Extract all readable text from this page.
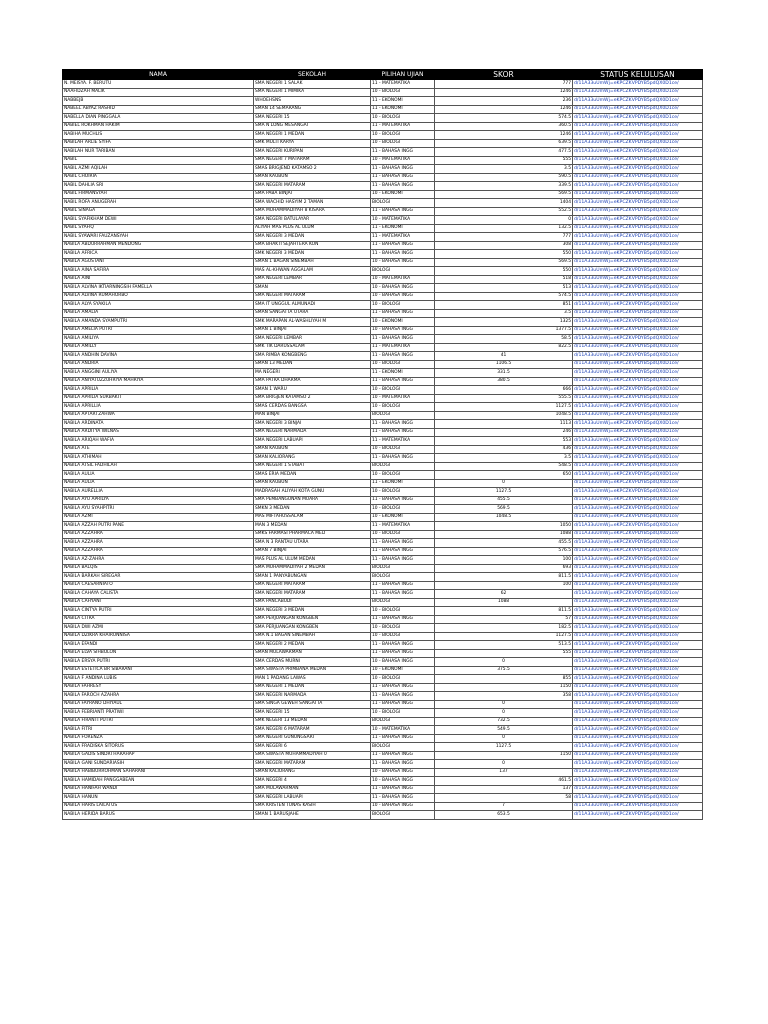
NAMA	SEKOLAH	PILIHAN UJIAN	SKOR	STATUS KELULUSAN
N. MEISYA. F. BERUTU	SMA NEGERI 1 SALAK	11 - MATEMATIKA	777	d/11A33uUmWj=eKPCZKVPDYB5pdQX0D1ce/
NAAFIDZAH MALIK	SMA NEGERI 1 MIMIKA	10 - BIOLOGI	1246	d/11A33uUmWj=eKPCZKVPDYB5pdQX0D1ce/
NABBEJB	WHOEHSNS	11 - EKONOMI	236	d/11A33uUmWj=eKPCZKVPDYB5pdQX0D1ce/
NABEEL ABYAZ RASHID	SMAN 14 SEMARANG	11 - EKONOMI	1246	d/11A33uUmWj=eKPCZKVPDYB5pdQX0D1ce/
NABELLA DIAN PINGGALA	SMA NEGERI 15	10 - BIOLOGI	574.5	d/11A33uUmWj=eKPCZKVPDYB5pdQX0D1ce/
NABIEL ROKHMAN HAKIM	SMA N LONG MESANGAT	11 - MATEMATIKA	360.5	d/11A33uUmWj=eKPCZKVPDYB5pdQX0D1ce/
NABIHA MUCHLIS	SMA NEGERI 1 MEDAN	10 - BIOLOGI	1246	d/11A33uUmWj=eKPCZKVPDYB5pdQX0D1ce/
NABILAH ARLIE SYIFA	SMK MULTI KARYA	10 - BIOLOGI	639.5	d/11A33uUmWj=eKPCZKVPDYB5pdQX0D1ce/
NABILAH NUR TARIBAN	SMA NEGERI KURIPAN	11 - BAHASA INGG	477.5	d/11A33uUmWj=eKPCZKVPDYB5pdQX0D1ce/
NABIL	SMA NEGERI 7 MATARAM	10 - MATEMATIKA	555	d/11A33uUmWj=eKPCZKVPDYB5pdQX0D1ce/
NABIL AZMI AQILAH	SMAS BRIGJEND KATAMSO 2	11 - BAHASA INGG	3.5	d/11A33uUmWj=eKPCZKVPDYB5pdQX0D1ce/
NABIL CHOIRIA	SMAN KAUBUN	11 - BAHASA INGG	590.5	d/11A33uUmWj=eKPCZKVPDYB5pdQX0D1ce/
NABIL DAHLIA SRI	SMA NEGERI MATARAM	11 - BAHASA INGG	339.5	d/11A33uUmWj=eKPCZKVPDYB5pdQX0D1ce/
NABIL FIRMANSYAH	SMA PABA BINJAI	10 - EKONOMI	569.5	d/11A33uUmWj=eKPCZKVPDYB5pdQX0D1ce/
NABIL ROFA ANUGERAH	SMA WACHID HASYIM 2 TAMAN	BIOLOGI	1404	d/11A33uUmWj=eKPCZKVPDYB5pdQX0D1ce/
NABIL SINAGA	SMA MUHAMMADIYAH 8 KISARA	11 - BAHASA INGG	552.5	d/11A33uUmWj=eKPCZKVPDYB5pdQX0D1ce/
NABIL SYAFIKHAM DEWI	SMA NEGERI BATULAYAR	10 - MATEMATIKA	0	d/11A33uUmWj=eKPCZKVPDYB5pdQX0D1ce/
NABIL SYAFIQ	ALIYAH MAS PLUS AL ULUM	11 - EKONOMI	132.5	d/11A33uUmWj=eKPCZKVPDYB5pdQX0D1ce/
NABIL SYAWARI FAUZANSYAH	SMA NEGERI 3 MEDAN	11 - MATEMATIKA	777	d/11A33uUmWj=eKPCZKVPDYB5pdQX0D1ce/
NABILA ABDURRAHMAN MENDONG	SMA BHAKTI SEJAHTERA KON	11 - BAHASA INGG	308	d/11A33uUmWj=eKPCZKVPDYB5pdQX0D1ce/
NABILA AFRICA	SMK NEGERI 3 MEDAN	11 - BAHASA INGG	550	d/11A33uUmWj=eKPCZKVPDYB5pdQX0D1ce/
NABILA AGUSTANI	SMAN 1 BAGAN SINEMBAH	10 - BAHASA INGG	569.5	d/11A33uUmWj=eKPCZKVPDYB5pdQX0D1ce/
NABILA AINA SAFIRA	MAS AL-KHWAN AGGALAM	BIOLOGI	550	d/11A33uUmWj=eKPCZKVPDYB5pdQX0D1ce/
NABILA AINI	SMA NEGERI LEMBAR	10 - MATEMATIKA	518	d/11A33uUmWj=eKPCZKVPDYB5pdQX0D1ce/
NABILA ALVINA IKTIARNINGSIH FAMELLA	SMAN	10 - BAHASA INGG	513	d/11A33uUmWj=eKPCZKVPDYB5pdQX0D1ce/
NABILA ALVINA RUMAHORBO	SMA NEGERI MATARAM	10 - BAHASA INGG	574.5	d/11A33uUmWj=eKPCZKVPDYB5pdQX0D1ce/
NABILA ALYA SYAKILA	SMA IT UNGGUL ALMUNADI	10 - BIOLOGI	851	d/11A33uUmWj=eKPCZKVPDYB5pdQX0D1ce/
NABILA AMALIA	SMAN SANGATTA UTARA	11 - BAHASA INGG	3.5	d/11A33uUmWj=eKPCZKVPDYB5pdQX0D1ce/
NABILA AMANDA SYAMPUTRI	SMK MARAPAN AL-WASHLIYAH M	10 - EKONOMI	1325	d/11A33uUmWj=eKPCZKVPDYB5pdQX0D1ce/
NABILA AMELIA PUTRI	SMAN 1 BINJAI	10 - BAHASA INGG	1377.5	d/11A33uUmWj=eKPCZKVPDYB5pdQX0D1ce/
NABILA AMILIYA	SMA NEGERI LEMBAR	11 - BAHASA INGG	58.5	d/11A33uUmWj=eKPCZKVPDYB5pdQX0D1ce/
NABILA AMILLY	SMK TIK DARUSSALAM	11 - MATEMATIKA	822.5	d/11A33uUmWj=eKPCZKVPDYB5pdQX0D1ce/
NABILA ANDHIN DAVINA	SMA RIMBA KONGBENG	11 - BAHASA INGG	41	d/11A33uUmWj=eKPCZKVPDYB5pdQX0D1ce/
NABILA ANDRIA	SMAN 13 MEDAN	10 - BIOLOGI	1106.5	d/11A33uUmWj=eKPCZKVPDYB5pdQX0D1ce/
NABILA ANGGINI AULIYA	MA NEGERI	11 - EKONOMI	331.5	d/11A33uUmWj=eKPCZKVPDYB5pdQX0D1ce/
NABILA ANIYATUZZUHRIYA MAHRIYA	SMA PATRA DHARMA	11 - BAHASA INGG	380.5	d/11A33uUmWj=eKPCZKVPDYB5pdQX0D1ce/
NABILA APRILIA	SMAN 1 WARU	10 - BIOLOGI	666	d/11A33uUmWj=eKPCZKVPDYB5pdQX0D1ce/
NABILA APRILIA SURBAKTI	SMA BRIGJEN KATAMSO 2	10 - MATEMATIKA	555.5	d/11A33uUmWj=eKPCZKVPDYB5pdQX0D1ce/
NABILA APRILLIA	SMAS CERDAS BANGSA	10 - BIOLOGI	1127.5	d/11A33uUmWj=eKPCZKVPDYB5pdQX0D1ce/
NABILA APTARI ZAHWA	MAN BINJAI	BIOLOGI	1048.5	d/11A33uUmWj=eKPCZKVPDYB5pdQX0D1ce/
NABILA ARDINATA	SMA NEGERI 3 BINJAI	11 - BAHASA INGG	1113	d/11A33uUmWj=eKPCZKVPDYB5pdQX0D1ce/
NABILA ARDITYA WILNAS	SMA NEGERI NARMADA	11 - BAHASA INGG	246	d/11A33uUmWj=eKPCZKVPDYB5pdQX0D1ce/
NABILA ARIQAH WAFIA	SMA NEGERI LABUAPI	11 - MATEMATIKA	553	d/11A33uUmWj=eKPCZKVPDYB5pdQX0D1ce/
NABILA ATE	SMAN KAUBUN	10 - BIOLOGI	436	d/11A33uUmWj=eKPCZKVPDYB5pdQX0D1ce/
NABILA ATHIMAH	SMAN KALIORANG	11 - BAHASA INGG	3.5	d/11A33uUmWj=eKPCZKVPDYB5pdQX0D1ce/
NABILA ATSIL FADHILAH	SMA NEGERI 1 STABAT	BIOLOGI	548.5	d/11A33uUmWj=eKPCZKVPDYB5pdQX0D1ce/
NABILA AULIA	SMAS ERIA MEDAN	10 - BIOLOGI	650	d/11A33uUmWj=eKPCZKVPDYB5pdQX0D1ce/
NABILA AULIA	SMAN KAUBUN	11 - EKONOMI	0	d/11A33uUmWj=eKPCZKVPDYB5pdQX0D1ce/
NABILA AURELLIA	MADRASAH ALIYAH KOTA GUNU	10 - BIOLOGI	1127.5	d/11A33uUmWj=eKPCZKVPDYB5pdQX0D1ce/
NABILA AYU APRILYA	SMA PEMBANGUNAN MUARA	11 - BAHASA INGG	455.5	d/11A33uUmWj=eKPCZKVPDYB5pdQX0D1ce/
NABILA AYU SYAHPITRI	SMKN 3 MEDAN	10 - BIOLOGI	569.5	d/11A33uUmWj=eKPCZKVPDYB5pdQX0D1ce/
NABILA AZMI	MAS MIFTAHUSSALAM	10 - EKONOMI	1048.5	d/11A33uUmWj=eKPCZKVPDYB5pdQX0D1ce/
NABILA AZZAH PUTRI PANE	MAN 3 MEDAN	11 - MATEMATIKA	1050	d/11A33uUmWj=eKPCZKVPDYB5pdQX0D1ce/
NABILA AZZAHRA	SMKS FARMASI PHARMACA MED	10 - BIOLOGI	1088	d/11A33uUmWj=eKPCZKVPDYB5pdQX0D1ce/
NABILA AZZAHRA	SMA N 3 RANTAU UTARA	11 - BAHASA INGG	455.5	d/11A33uUmWj=eKPCZKVPDYB5pdQX0D1ce/
NABILA AZZAHRA	SMAN 7 BINJAI	11 - BAHASA INGG	576.5	d/11A33uUmWj=eKPCZKVPDYB5pdQX0D1ce/
NABILA AZ-ZAHRA	MAS PLUS AL ULUM MEDAN	11 - BAHASA INGG	100	d/11A33uUmWj=eKPCZKVPDYB5pdQX0D1ce/
NABILA BALQIS	SMA MUHAMMADIYAH 2 MEDAN	BIOLOGI	693	d/11A33uUmWj=eKPCZKVPDYB5pdQX0D1ce/
NABILA BARKAH SIREGAR	SMAN 1 PANYABUNGAN	BIOLOGI	811.5	d/11A33uUmWj=eKPCZKVPDYB5pdQX0D1ce/
NABILA CAESARNIATO	SMA NEGERI MATARAM	11 - BAHASA INGG	100	d/11A33uUmWj=eKPCZKVPDYB5pdQX0D1ce/
NABILA CAHAYA CALISTA	SMA NEGERI MATARAM	11 - BAHASA INGG	62	d/11A33uUmWj=eKPCZKVPDYB5pdQX0D1ce/
NABILA CAHYANI	SMA PANCABUDI	BIOLOGI	1088	d/11A33uUmWj=eKPCZKVPDYB5pdQX0D1ce/
NABILA CINTYA PUTRI	SMA NEGERI 3 MEDAN	10 - BIOLOGI	811.5	d/11A33uUmWj=eKPCZKVPDYB5pdQX0D1ce/
NABILA CITRA	SMA PERJUANGAN KONGBEN	11 - BAHASA INGG	57	d/11A33uUmWj=eKPCZKVPDYB5pdQX0D1ce/
NABILA DWI AZMI	SMA PERJUANGAN KONGBEN	10 - BIOLOGI	182.5	d/11A33uUmWj=eKPCZKVPDYB5pdQX0D1ce/
NABILA DZIKRA KHAIRUNNISA	SMA N.1 BAGAN SINEMBAH	10 - BIOLOGI	1127.5	d/11A33uUmWj=eKPCZKVPDYB5pdQX0D1ce/
NABILA EFANDI	SMA NEGERI 2 MEDAN	11 - BAHASA INGG	513.5	d/11A33uUmWj=eKPCZKVPDYB5pdQX0D1ce/
NABILA ELVA SIHBOLON	SMAN MULAWARMAN	11 - BAHASA INGG	555	d/11A33uUmWj=eKPCZKVPDYB5pdQX0D1ce/
NABILA ERSYA PUTRI	SMA CERDAS MURNI	10 - BAHASA INGG	0	d/11A33uUmWj=eKPCZKVPDYB5pdQX0D1ce/
NABILA ESTETICA BR SIBARANI	SMA SWASTA PRIMBANA MEDAN	10 - EKONOMI	375.5	d/11A33uUmWj=eKPCZKVPDYB5pdQX0D1ce/
NABILA F ANDINA LUBIS	MAN 1 PADANG LAWAS	10 - BIOLOGI	855	d/11A33uUmWj=eKPCZKVPDYB5pdQX0D1ce/
NABILA FAHRESY	SMA NEGERI 1 MEDAN	11 - BAHASA INGG	1150	d/11A33uUmWj=eKPCZKVPDYB5pdQX0D1ce/
NABILA FAROCH AZAHRA	SMA NEGERI NARMADA	11 - BAHASA INGG	358	d/11A33uUmWj=eKPCZKVPDYB5pdQX0D1ce/
NABILA FAYRANO DHIYAUL	SMA SINGA GEWEH SANGATTA	11 - BAHASA INGG	0	d/11A33uUmWj=eKPCZKVPDYB5pdQX0D1ce/
NABILA FEBRIANTI PRATIWI	SMA NEGERI 15	10 - BIOLOGI	0	d/11A33uUmWj=eKPCZKVPDYB5pdQX0D1ce/
NABILA FIRANTI PUTRI	SMK NEGERI 13 MEDAN	BIOLOGI	732.5	d/11A33uUmWj=eKPCZKVPDYB5pdQX0D1ce/
NABILA FITRI	SMA NEGERI 6 MATARAM	10 - MATEMATIKA	549.5	d/11A33uUmWj=eKPCZKVPDYB5pdQX0D1ce/
NABILA FORENZA	SMA NEGERI GUNUNGSARI	11 - BAHASA INGG	0	d/11A33uUmWj=eKPCZKVPDYB5pdQX0D1ce/
NABILA FRADISKA SITORUS	SMA NEGERI 6	BIOLOGI	1127.5	d/11A33uUmWj=eKPCZKVPDYB5pdQX0D1ce/
NABILA GADIS SINDRI HARAHAP	SMA SWASTA MUHAMMADIYAH 0	11 - BAHASA INGG	1150	d/11A33uUmWj=eKPCZKVPDYB5pdQX0D1ce/
NABILA GANI SUNDARIASIH	SMA NEGERI MATARAM	11 - BAHASA INGG	0	d/11A33uUmWj=eKPCZKVPDYB5pdQX0D1ce/
NABILA HABIBURROHMAN SAHARANI	SMAN KALIORANG	10 - BAHASA INGG	137	d/11A33uUmWj=eKPCZKVPDYB5pdQX0D1ce/
NABILA HAMIDAH PANGGABEAN	SMA NEGERI 4	10 - BAHASA INGG	461.5	d/11A33uUmWj=eKPCZKVPDYB5pdQX0D1ce/
NABILA HANIFAH WANDI	SMA MULAWARMAN	11 - BAHASA INGG	137	d/11A33uUmWj=eKPCZKVPDYB5pdQX0D1ce/
NABILA HANUN	SMA NEGERI LABUAPI	11 - BAHASA INGG	58	d/11A33uUmWj=eKPCZKVPDYB5pdQX0D1ce/
NABILA HARIS LAILATUS	SMA KRISTEN TUNAS KASIH	10 - BAHASA INGG	7	d/11A33uUmWj=eKPCZKVPDYB5pdQX0D1ce/
NABILA HERIDA BARUS	SMAN 1 BARUSJAHE	BIOLOGI	653.5	d/11A33uUmWj=eKPCZKVPDYB5pdQX0D1ce/
